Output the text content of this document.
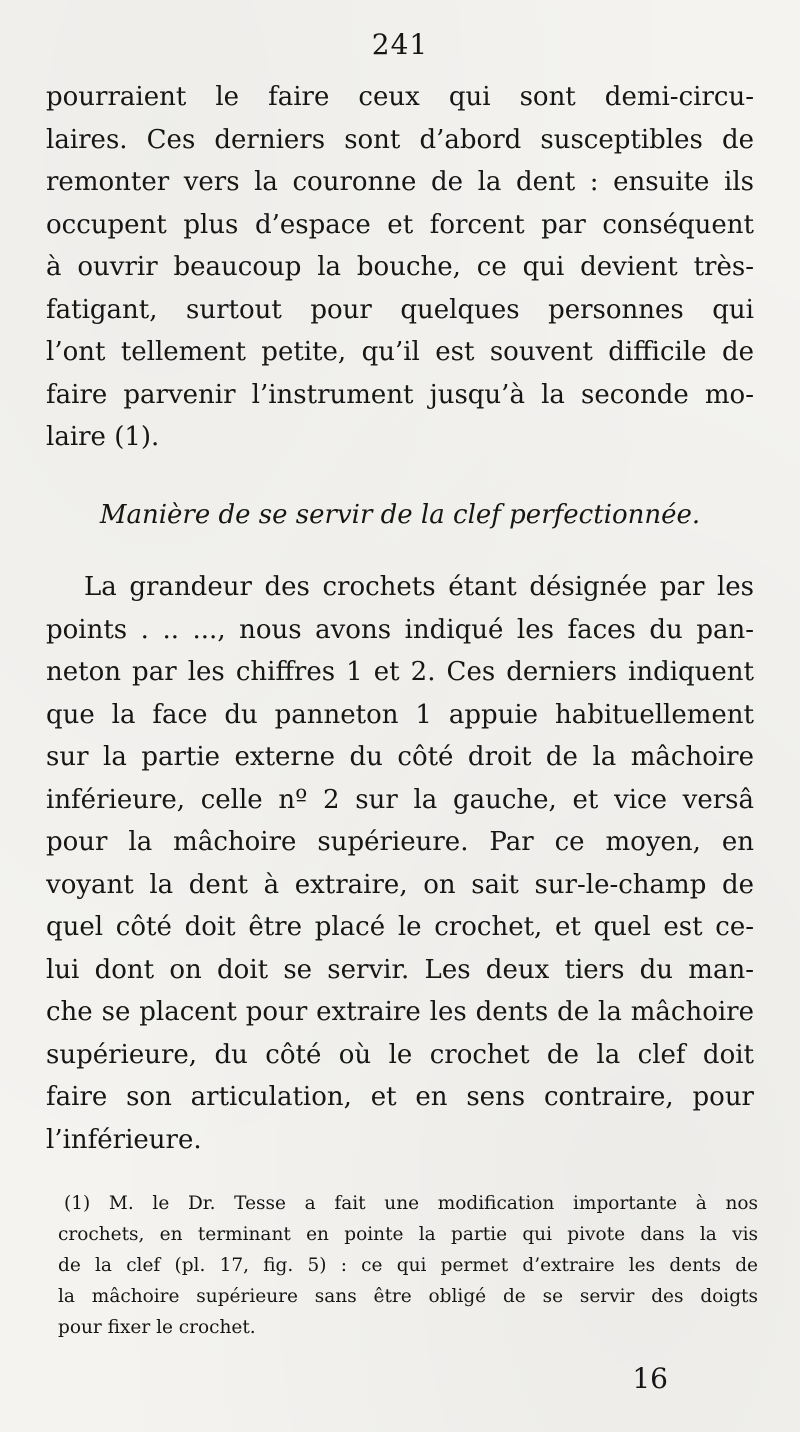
241
pourraient le faire ceux qui sont demi-circu-
laires. Ces derniers sont d’abord susceptibles de
remonter vers la couronne de la dent : ensuite ils
occupent plus d’espace et forcent par conséquent
à ouvrir beaucoup la bouche, ce qui devient très-
fatigant, surtout pour quelques personnes qui
l’ont tellement petite, qu’il est souvent difficile de
faire parvenir l’instrument jusqu’à la seconde mo-
laire (1).
Manière de se servir de la clef perfectionnée.
La grandeur des crochets étant désignée par les
points . .. ..., nous avons indiqué les faces du pan-
neton par les chiffres 1 et 2. Ces derniers indiquent
que la face du panneton 1 appuie habituellement
sur la partie externe du côté droit de la mâchoire
inférieure, celle nº 2 sur la gauche, et vice versâ
pour la mâchoire supérieure. Par ce moyen, en
voyant la dent à extraire, on sait sur-le-champ de
quel côté doit être placé le crochet, et quel est ce-
lui dont on doit se servir. Les deux tiers du man-
che se placent pour extraire les dents de la mâchoire
supérieure, du côté où le crochet de la clef doit
faire son articulation, et en sens contraire, pour
l’inférieure.
(1) M. le Dr. Tesse a fait une modification importante à nos
crochets, en terminant en pointe la partie qui pivote dans la vis
de la clef (pl. 17, fig. 5) : ce qui permet d’extraire les dents de
la mâchoire supérieure sans être obligé de se servir des doigts
pour fixer le crochet.
16
